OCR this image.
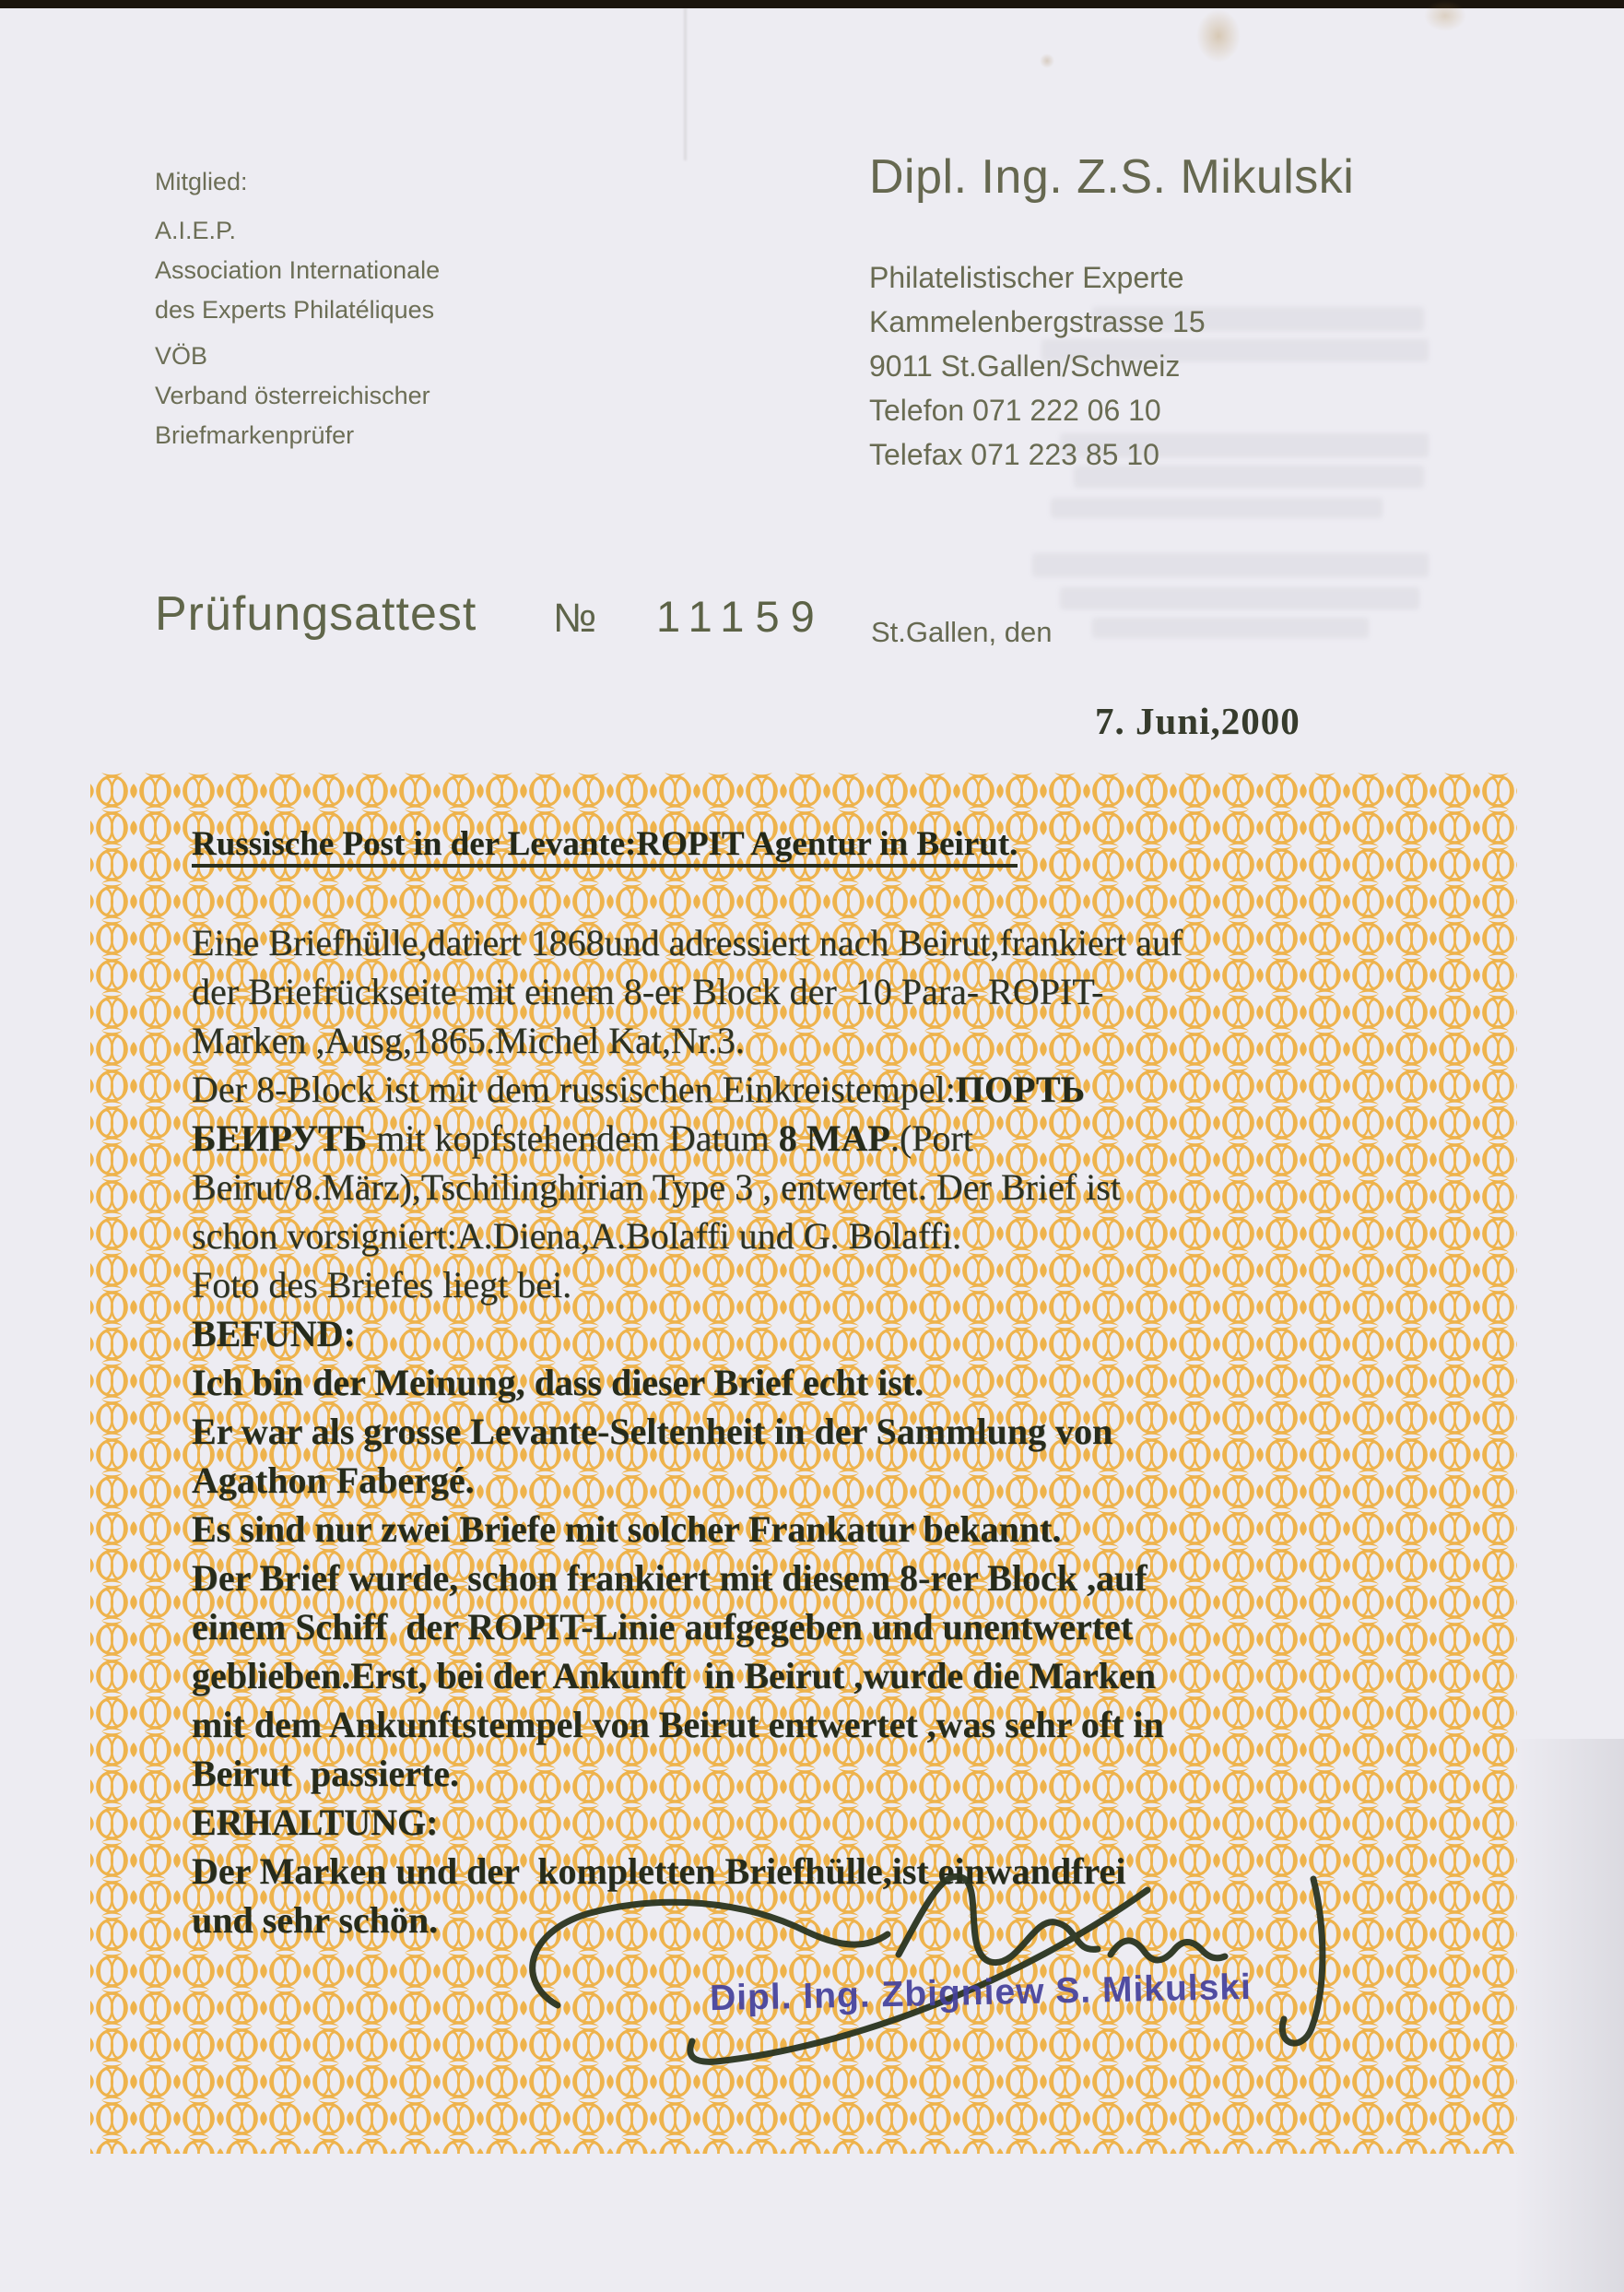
Mitglied:
A.I.E.P.
Association Internationale
des Experts Philatéliques
VÖB
Verband österreichischer
Briefmarkenprüfer
Dipl. Ing. Z.S. Mikulski
Philatelistischer Experte
Kammelenbergstrasse 15
9011 St.Gallen/Schweiz
Telefon 071 222 06 10
Telefax 071 223 85 10
Prüfungsattest № 11159 St.Gallen, den
7. Juni,2000
Russische Post in der Levante:ROPIT Agentur in Beirut.
Eine Briefhülle,datiert 1868und adressiert nach Beirut,frankiert auf
der Briefrückseite mit einem 8-er Block der  10 Para- ROPIT-
Marken ,Ausg,1865.Michel Kat,Nr.3.
Der 8-Block ist mit dem russischen Einkreistempel:ПОРТЬ
БЕИРУТБ mit kopfstehendem Datum 8 МАР.(Port
Beirut/8.März),Tschilinghirian Type 3 , entwertet. Der Brief ist
schon vorsigniert:A.Diena,A.Bolaffi und G. Bolaffi.
Foto des Briefes liegt bei.
BEFUND:
Ich bin der Meinung, dass dieser Brief echt ist.
Er war als grosse Levante-Seltenheit in der Sammlung von
Agathon Fabergé.
Es sind nur zwei Briefe mit solcher Frankatur bekannt.
Der Brief wurde, schon frankiert mit diesem 8-rer Block ,auf
einem Schiff  der ROPIT-Linie aufgegeben und unentwertet
geblieben.Erst, bei der Ankunft  in Beirut ,wurde die Marken
mit dem Ankunftstempel von Beirut entwertet ,was sehr oft in
Beirut  passierte.
ERHALTUNG:
Der Marken und der  kompletten Briefhülle,ist einwandfrei
und sehr schön.
Dipl. Ing. Zbigniew S. Mikulski
